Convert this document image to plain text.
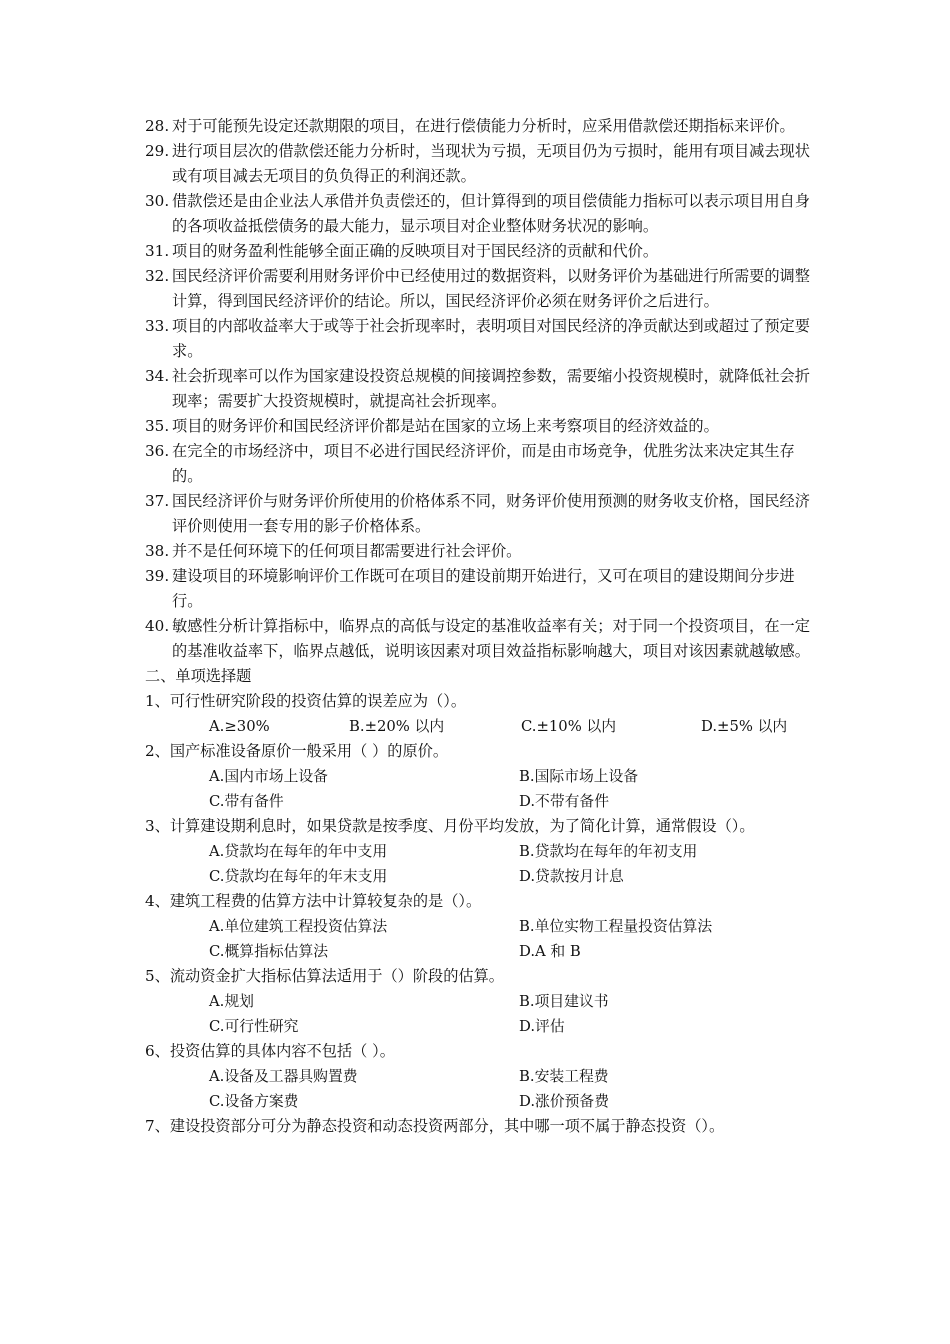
28. 对于可能预先设定还款期限的项目，在进行偿债能力分析时，应采用借款偿还期指标来评价。
29. 进行项目层次的借款偿还能力分析时，当现状为亏损，无项目仍为亏损时，能用有项目减去现状或有项目减去无项目的负负得正的利润还款。
30. 借款偿还是由企业法人承借并负责偿还的，但计算得到的项目偿债能力指标可以表示项目用自身的各项收益抵偿债务的最大能力，显示项目对企业整体财务状况的影响。
31. 项目的财务盈利性能够全面正确的反映项目对于国民经济的贡献和代价。
32. 国民经济评价需要利用财务评价中已经使用过的数据资料，以财务评价为基础进行所需要的调整计算，得到国民经济评价的结论。所以，国民经济评价必须在财务评价之后进行。
33. 项目的内部收益率大于或等于社会折现率时，表明项目对国民经济的净贡献达到或超过了预定要求。
34. 社会折现率可以作为国家建设投资总规模的间接调控参数，需要缩小投资规模时，就降低社会折现率；需要扩大投资规模时，就提高社会折现率。
35. 项目的财务评价和国民经济评价都是站在国家的立场上来考察项目的经济效益的。
36. 在完全的市场经济中，项目不必进行国民经济评价，而是由市场竞争，优胜劣汰来决定其生存的。
37. 国民经济评价与财务评价所使用的价格体系不同，财务评价使用预测的财务收支价格，国民经济评价则使用一套专用的影子价格体系。
38. 并不是任何环境下的任何项目都需要进行社会评价。
39. 建设项目的环境影响评价工作既可在项目的建设前期开始进行，又可在项目的建设期间分步进行。
40. 敏感性分析计算指标中，临界点的高低与设定的基准收益率有关；对于同一个投资项目，在一定的基准收益率下，临界点越低，说明该因素对项目效益指标影响越大，项目对该因素就越敏感。
二、单项选择题
1、可行性研究阶段的投资估算的误差应为（）。
A.≥30%	B.±20% 以内	C.±10% 以内	D.±5% 以内
2、国产标准设备原价一般采用（ ）的原价。
A.国内市场上设备	B.国际市场上设备
C.带有备件	D.不带有备件
3、计算建设期利息时，如果贷款是按季度、月份平均发放，为了简化计算，通常假设（）。
A.贷款均在每年的年中支用	B.贷款均在每年的年初支用
C.贷款均在每年的年末支用	D.贷款按月计息
4、建筑工程费的估算方法中计算较复杂的是（）。
A.单位建筑工程投资估算法	B.单位实物工程量投资估算法
C.概算指标估算法	D.A 和 B
5、流动资金扩大指标估算法适用于（）阶段的估算。
A.规划	B.项目建议书
C.可行性研究	D.评估
6、投资估算的具体内容不包括（ ）。
A.设备及工器具购置费	B.安装工程费
C.设备方案费	D.涨价预备费
7、建设投资部分可分为静态投资和动态投资两部分，其中哪一项不属于静态投资（）。
